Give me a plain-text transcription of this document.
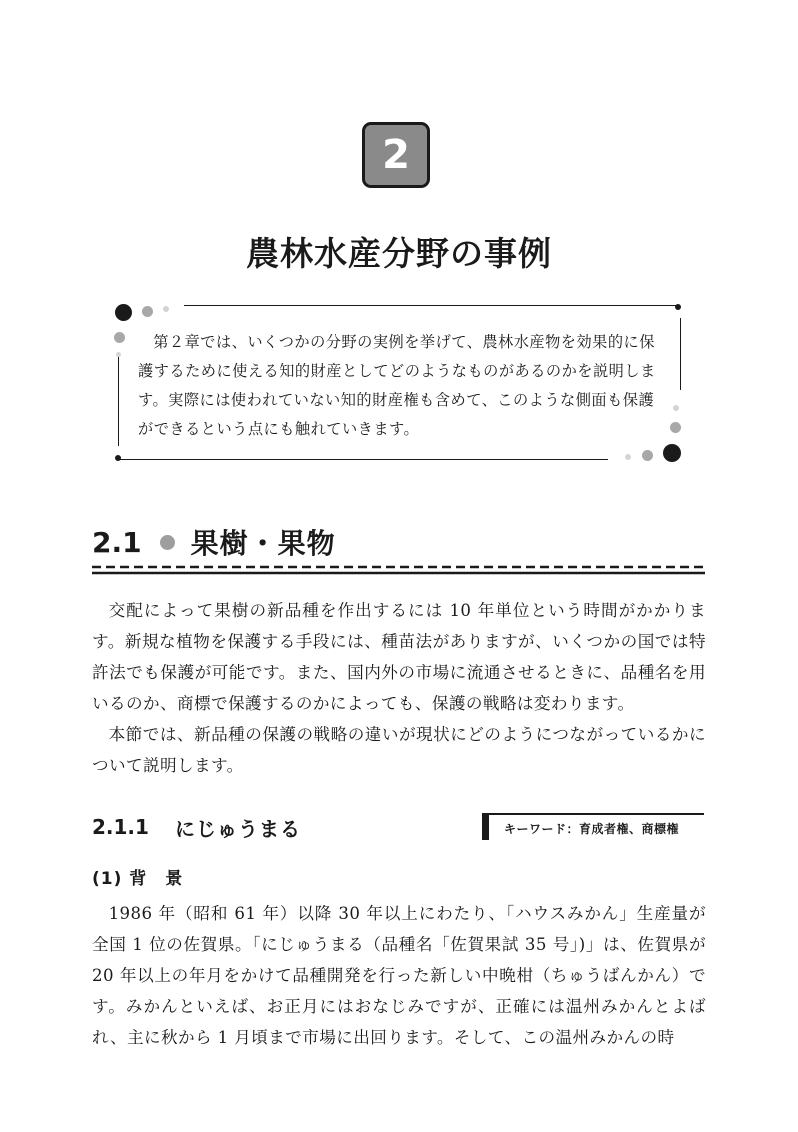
2
農林水産分野の事例

第２章では、いくつかの分野の実例を挙げて、農林水産物を効果的に保護するために使える知的財産としてどのようなものがあるのかを説明します。実際には使われていない知的財産権も含めて、このような側面も保護ができるという点にも触れていきます。

2.1 果樹・果物

交配によって果樹の新品種を作出するには 10 年単位という時間がかかります。新規な植物を保護する手段には、種苗法がありますが、いくつかの国では特許法でも保護が可能です。また、国内外の市場に流通させるときに、品種名を用いるのか、商標で保護するのかによっても、保護の戦略は変わります。

本節では、新品種の保護の戦略の違いが現状にどのようにつながっているかについて説明します。

2.1.1 にじゅうまる	キーワード：育成者権、商標権
(1) 背　景

1986 年（昭和 61 年）以降 30 年以上にわたり、「ハウスみかん」生産量が全国 1 位の佐賀県。「にじゅうまる（品種名「佐賀果試 35 号」)」は、佐賀県が 20 年以上の年月をかけて品種開発を行った新しい中晩柑（ちゅうばんかん）です。みかんといえば、お正月にはおなじみですが、正確には温州みかんとよばれ、主に秋から 1 月頃まで市場に出回ります。そして、この温州みかんの時
